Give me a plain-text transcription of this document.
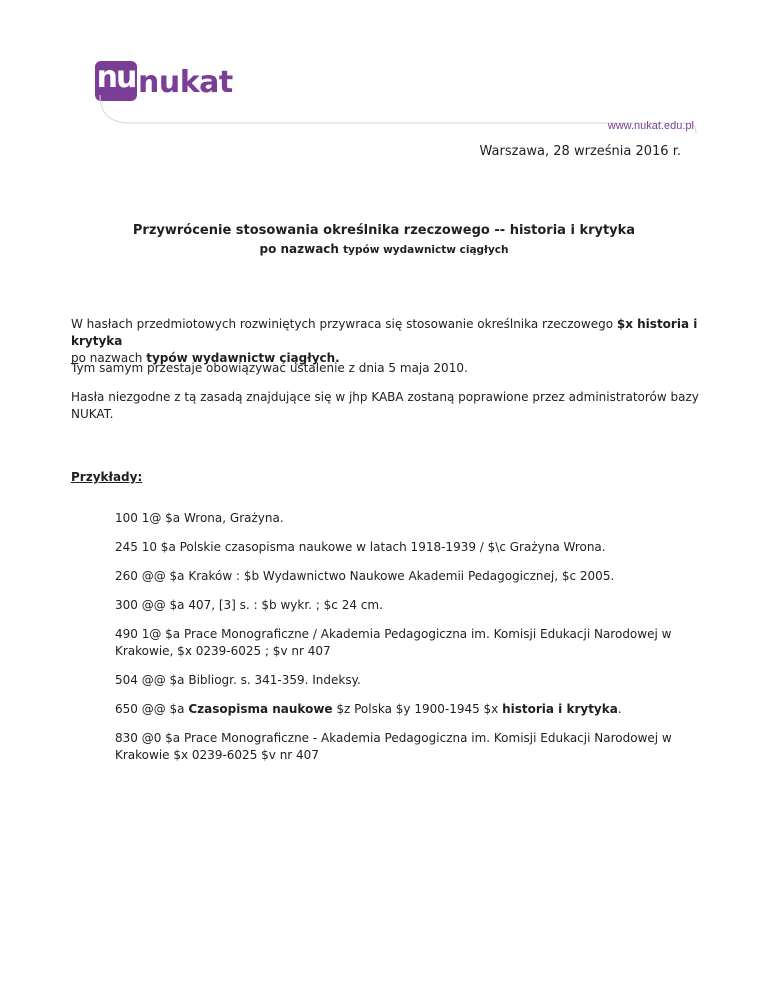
nu nukat
www.nukat.edu.pl
Warszawa, 28 września 2016 r.
Przywrócenie stosowania określnika rzeczowego -- historia i krytyka
po nazwach typów wydawnictw ciągłych

W hasłach przedmiotowych rozwiniętych przywraca się stosowanie określnika rzeczowego $x historia i krytyka
po nazwach typów wydawnictw ciągłych.

Tym samym przestaje obowiązywać ustalenie z dnia 5 maja 2010.

Hasła niezgodne z tą zasadą znajdujące się w jhp KABA zostaną poprawione przez administratorów bazy NUKAT.

Przykłady:

100 1@ $a Wrona, Grażyna.

245 10 $a Polskie czasopisma naukowe w latach 1918-1939 / $\c Grażyna Wrona.

260 @@ $a Kraków : $b Wydawnictwo Naukowe Akademii Pedagogicznej, $c 2005.

300 @@ $a 407, [3] s. : $b wykr. ; $c 24 cm.

490 1@ $a Prace Monograficzne / Akademia Pedagogiczna im. Komisji Edukacji Narodowej w Krakowie, $x 0239-6025 ; $v nr 407

504 @@ $a Bibliogr. s. 341-359. Indeksy.

650 @@ $a Czasopisma naukowe $z Polska $y 1900-1945 $x historia i krytyka.

830 @0 $a Prace Monograficzne - Akademia Pedagogiczna im. Komisji Edukacji Narodowej w Krakowie $x 0239-6025 $v nr 407
